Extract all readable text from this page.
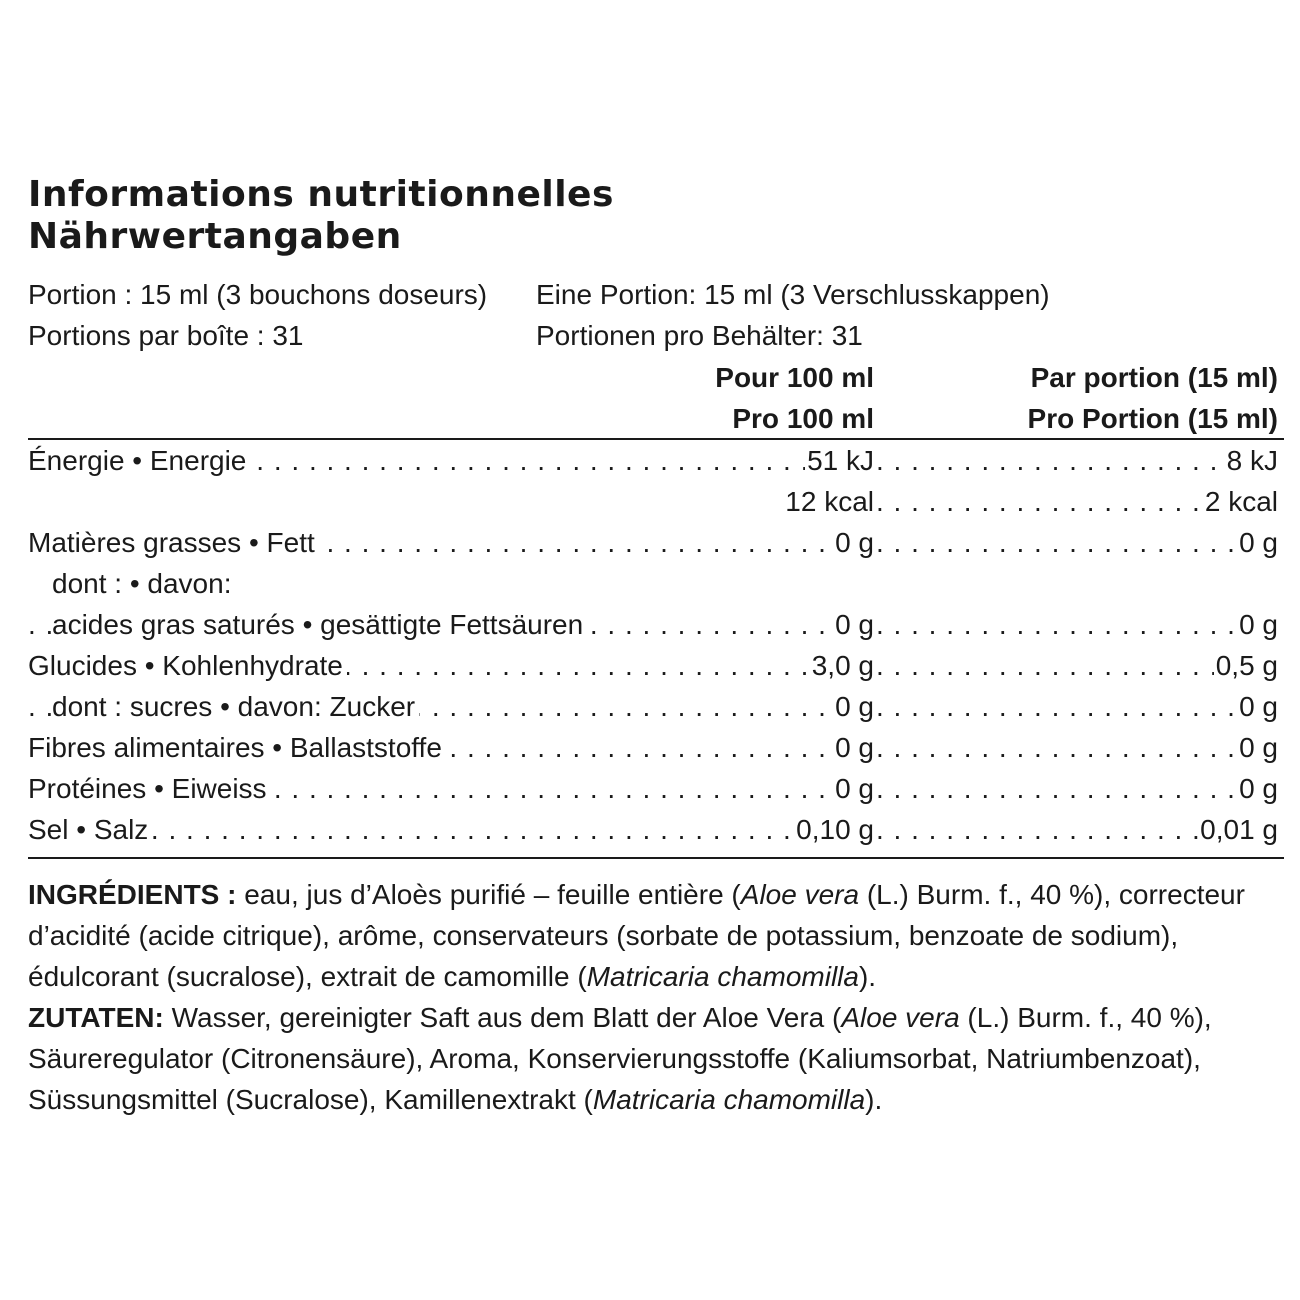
Informations nutritionnelles
Nährwertangaben
Portion : 15 ml (3 bouchons doseurs) Eine Portion: 15 ml (3 Verschlusskappen)
Portions par boîte : 31	Portionen pro Behälter: 31
Pour 100 ml	Par portion (15 ml)
Pro 100 ml	Pro Portion (15 ml)
. . .
. . .
Énergie • Energie	51 kJ	8 kJ
. . .
12 kcal	2 kcal
. . .
. . .
Matières grasses • Fett	0 g	0 g
dont : • davon:
. . .
. . .
acides gras saturés • gesättigte Fettsäuren	0 g	0 g
. . .
. . .
Glucides • Kohlenhydrate	3,0 g	0,5 g
. . .
. . .
dont : sucres • davon: Zucker	0 g	0 g
. . .
. . .
Fibres alimentaires • Ballaststoffe	0 g	0 g
. . .
. . .
Protéines • Eiweiss	0 g	0 g
. . .
. . .
Sel • Salz	0,10 g	0,01 g

INGRÉDIENTS : eau, jus d’Aloès purifié – feuille entière (Aloe vera (L.) Burm. f., 40 %), correcteur d’acidité (acide citrique), arôme, conservateurs (sorbate de potassium, benzoate de sodium), édulcorant (sucralose), extrait de camomille (Matricaria chamomilla).

ZUTATEN: Wasser, gereinigter Saft aus dem Blatt der Aloe Vera (Aloe vera (L.) Burm. f., 40 %), Säureregulator (Citronensäure), Aroma, Konservierungsstoffe (Kaliumsorbat, Natriumbenzoat), Süssungsmittel (Sucralose), Kamillenextrakt (Matricaria chamomilla).
